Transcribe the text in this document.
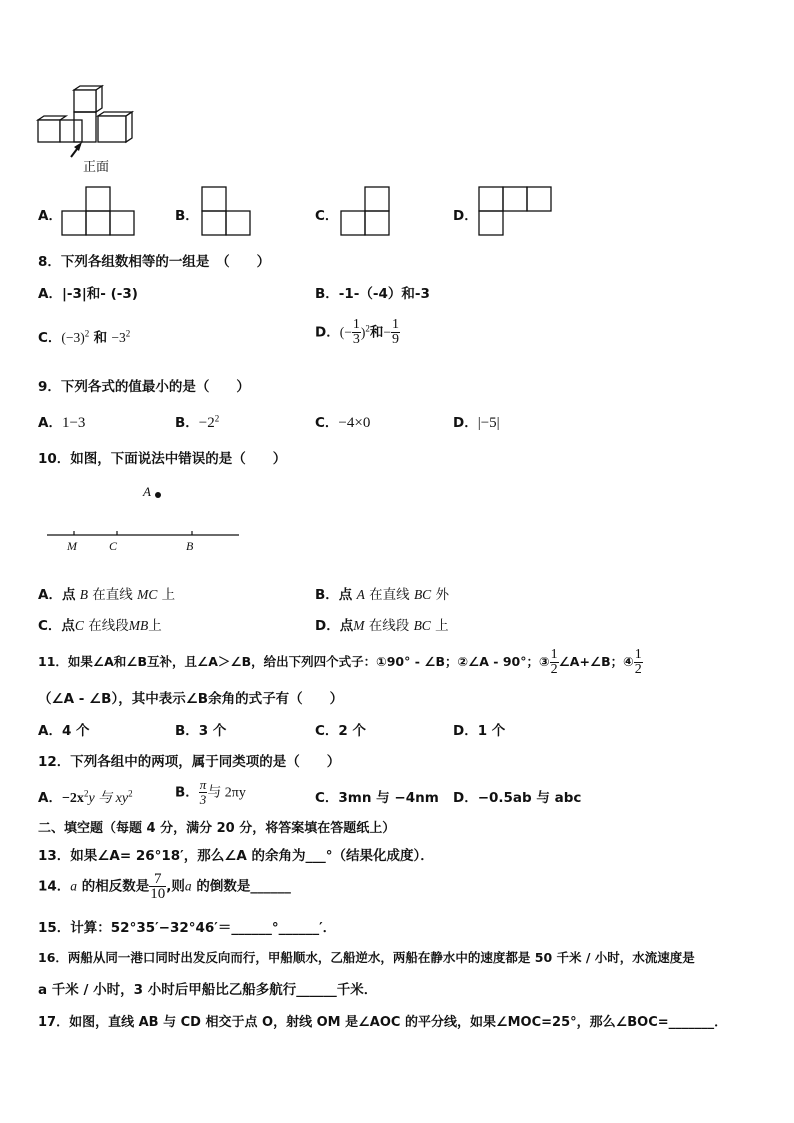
正面
A．	B．	C．	D．
8．下列各组数相等的一组是　（　　）
A．|-3|和- (-3)	B．-1-（-4）和-3
C．$(-3)^2$ 和 $-3^2$	D．(− $\frac{1}{3} )^2$和− $\frac{1}{9}$
9．下列各式的值最小的是（　　）
A．1−3	B．$-2^2$	C．−4×0	D．|−5|
10．如图，下面说法中错误的是（　　）
A
M	C	B
A．点 B 在直线 MC 上	B．点 A 在直线 BC 外
C．点C 在线段MB上	D．点M 在线段 BC 上
11．如果∠A和∠B互补，且∠A＞∠B，给出下列四个式子：①90° - ∠B；②∠A - 90°；③ $\frac{1}{2}$ ∠A+∠B；④ $\frac{1}{2}$
（∠A - ∠B），其中表示∠B余角的式子有（　　）
A．4 个	B．3 个	C．2 个	D．1 个
12．下列各组中的两项，属于同类项的是（　　）
A．$-2x^2y$ 与 $xy^2$	B． $\frac{\pi}{3}$ 与 2πy	C．3mn 与 −4nm D．−0.5ab 与 abc
二、填空题（每题 4 分，满分 20 分，将答案填在答题纸上）
13．如果∠A= 26°18′，那么∠A 的余角为___°（结果化成度）．
14．a 的相反数是 $\frac{7}{10}$ ,则a 的倒数是______
15．计算：52°35′−32°46′＝______°______′．
16．两船从同一港口同时出发反向而行，甲船顺水，乙船逆水，两船在静水中的速度都是 50 千米 / 小时，水流速度是
a 千米 / 小时，3 小时后甲船比乙船多航行______千米．
17．如图，直线 AB 与 CD 相交于点 O，射线 OM 是∠AOC 的平分线，如果∠MOC=25°，那么∠BOC=_______．
